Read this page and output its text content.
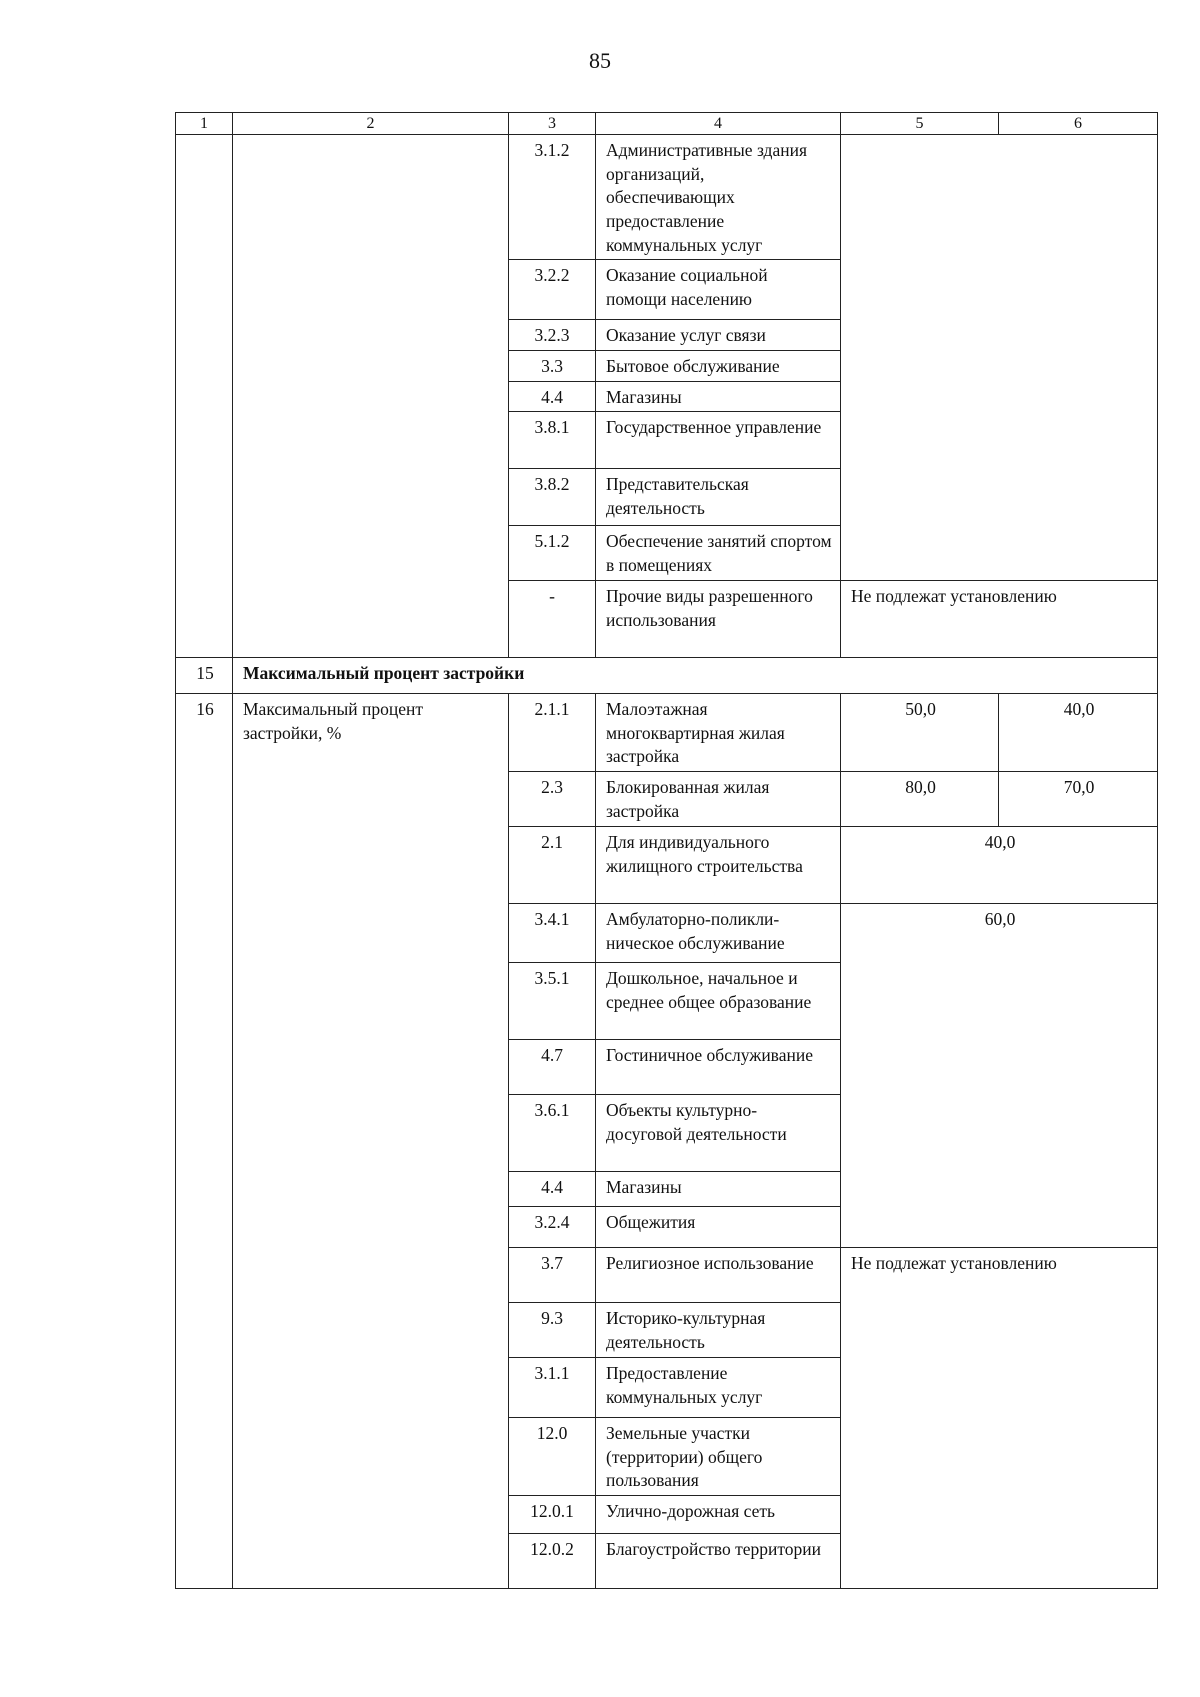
85
1	2	3	4	5	6
		3.1.2	Административные здания организаций, обеспечивающих предоставление коммунальных услуг		
		3.2.2	Оказание социальной помощи населению		
		3.2.3	Оказание услуг связи		
		3.3	Бытовое обслуживание		
		4.4	Магазины		
		3.8.1	Государственное управление		
		3.8.2	Представительская деятельность		
		5.1.2	Обеспечение занятий спортом в помещениях		
		-	Прочие виды разрешенного использования	Не подлежат установлению	
15	Максимальный процент застройки				
16	Максимальный процент застройки, %	2.1.1	Малоэтажная многоквартирная жилая застройка	50,0	40,0
		2.3	Блокированная жилая застройка	80,0	70,0
		2.1	Для индивидуального жилищного строительства	40,0	
		3.4.1	Амбулаторно-поликли-ническое обслуживание	60,0	
		3.5.1	Дошкольное, начальное и среднее общее образование		
		4.7	Гостиничное обслуживание		
		3.6.1	Объекты культурно-досуговой деятельности		
		4.4	Магазины		
		3.2.4	Общежития		
		3.7	Религиозное использование	Не подлежат установлению	
		9.3	Историко-культурная деятельность		
		3.1.1	Предоставление коммунальных услуг		
		12.0	Земельные участки (территории) общего пользования		
		12.0.1	Улично-дорожная сеть		
		12.0.2	Благоустройство территории		
